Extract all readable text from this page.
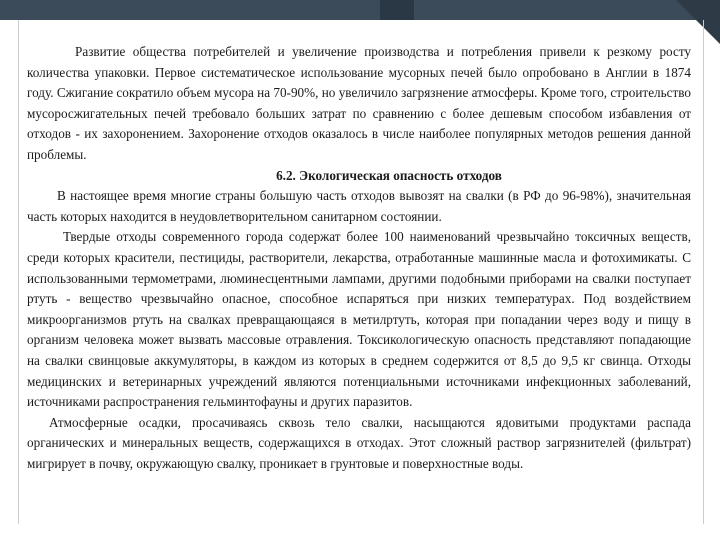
Развитие общества потребителей и увеличение производства и потребления привели к резкому росту количества упаковки. Первое систематическое использование мусорных печей было опробовано в Англии в 1874 году. Сжигание сократило объем мусора на 70-90%, но увеличило загрязнение атмосферы. Кроме того, строительство мусоросжигательных печей требовало больших затрат по сравнению с более дешевым способом избавления от отходов - их захоронением. Захоронение отходов оказалось в числе наиболее популярных методов решения данной проблемы.

6.2. Экологическая опасность отходов

В настоящее время многие страны большую часть отходов вывозят на свалки (в РФ до 96-98%), значительная часть которых находится в неудовлетворительном санитарном состоянии.

Твердые отходы современного города содержат более 100 наименований чрезвычайно токсичных веществ, среди которых красители, пестициды, растворители, лекарства, отработанные машинные масла и фотохимикаты. С использованными термометрами, люминесцентными лампами, другими подобными приборами на свалки поступает ртуть - вещество чрезвычайно опасное, способное испаряться при низких температурах. Под воздействием микроорганизмов ртуть на свалках превращающаяся в метилртуть, которая при попадании через воду и пищу в организм человека может вызвать массовые отравления. Токсикологическую опасность представляют попадающие на свалки свинцовые аккумуляторы, в каждом из которых в среднем содержится от 8,5 до 9,5 кг свинца. Отходы медицинских и ветеринарных учреждений являются потенциальными источниками инфекционных заболеваний, источниками распространения гельминтофауны и других паразитов.

Атмосферные осадки, просачиваясь сквозь тело свалки, насыщаются ядовитыми продуктами распада органических и минеральных веществ, содержащихся в отходах. Этот сложный раствор загрязнителей (фильтрат) мигрирует в почву, окружающую свалку, проникает в грунтовые и поверхностные воды.
